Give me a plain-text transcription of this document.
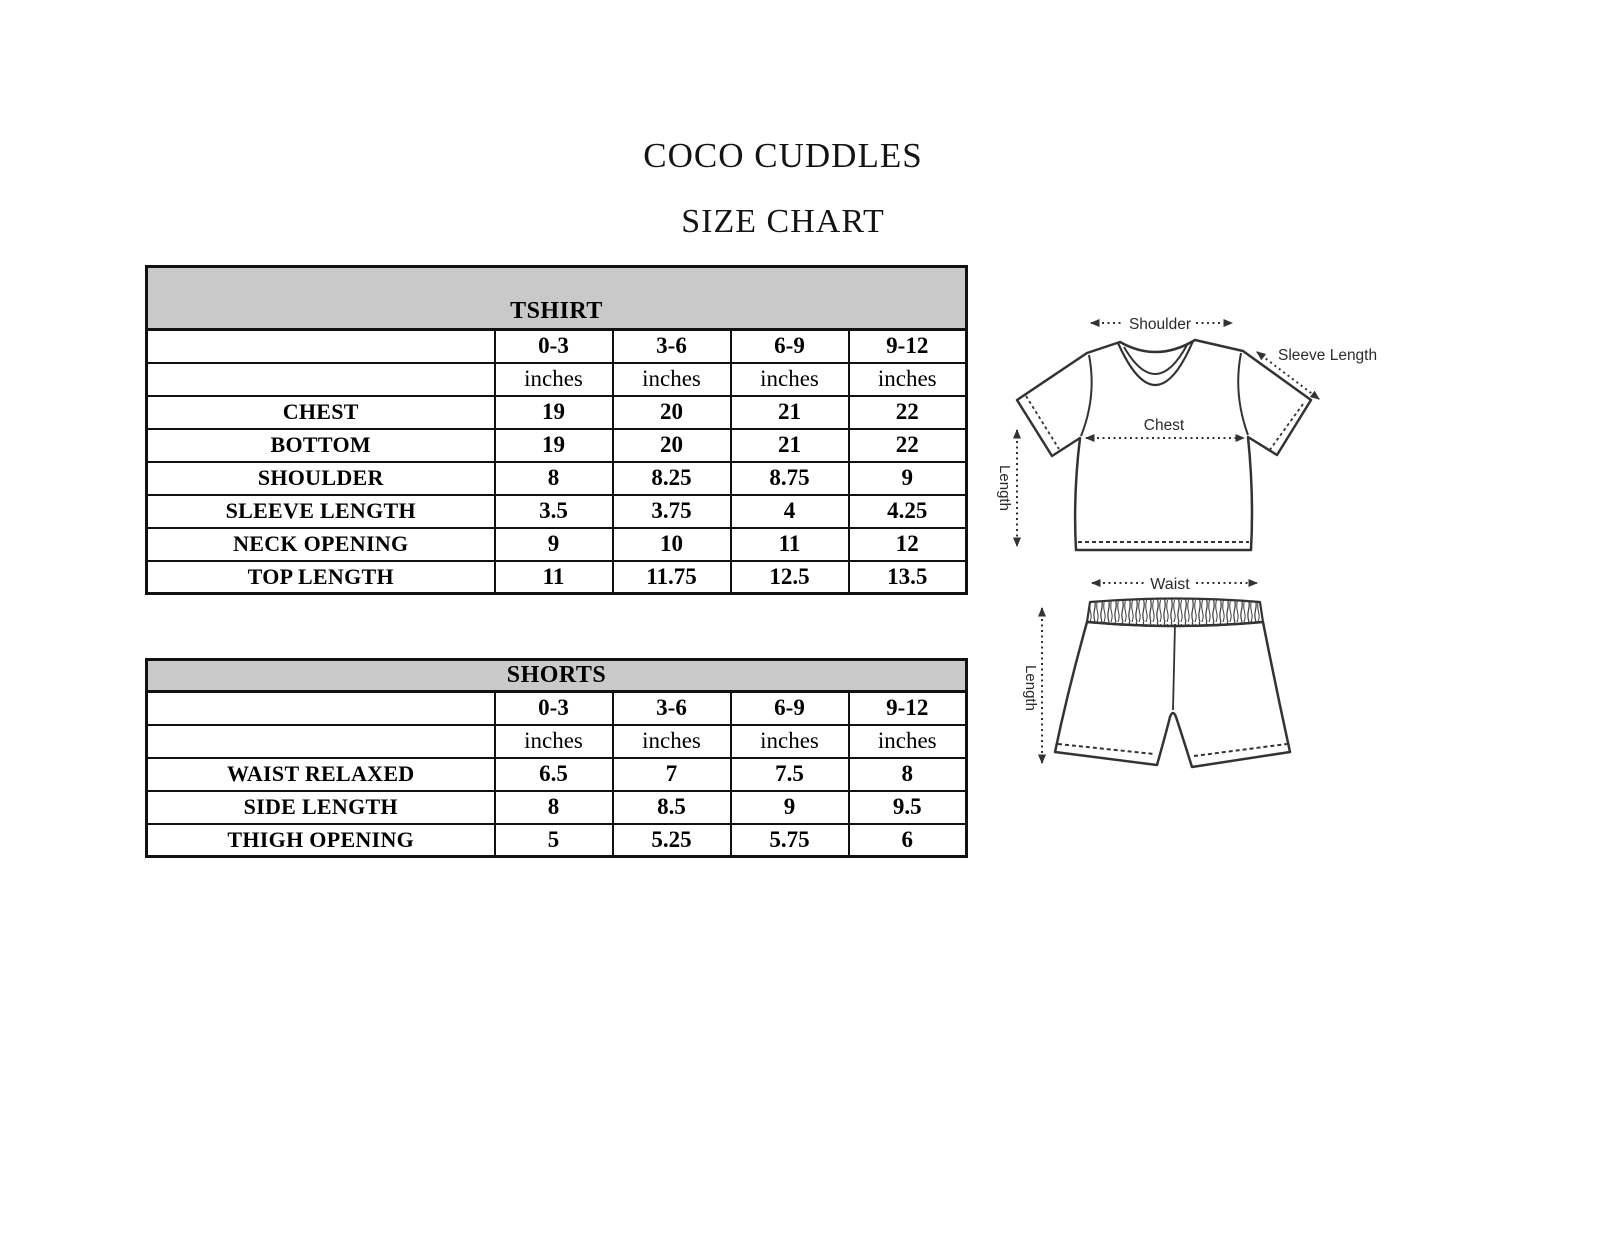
COCO CUDDLES
SIZE CHART
TSHIRT				
	0-3	3-6	6-9	9-12
	inches	inches	inches	inches
CHEST	19	20	21	22
BOTTOM	19	20	21	22
SHOULDER	8	8.25	8.75	9
SLEEVE LENGTH	3.5	3.75	4	4.25
NECK OPENING	9	10	11	12
TOP LENGTH	11	11.75	12.5	13.5
SHORTS				
	0-3	3-6	6-9	9-12
	inches	inches	inches	inches
WAIST RELAXED	6.5	7	7.5	8
SIDE LENGTH	8	8.5	9	9.5
THIGH OPENING	5	5.25	5.75	6
Shoulder
Sleeve Length
Chest
Length
Waist
Length
